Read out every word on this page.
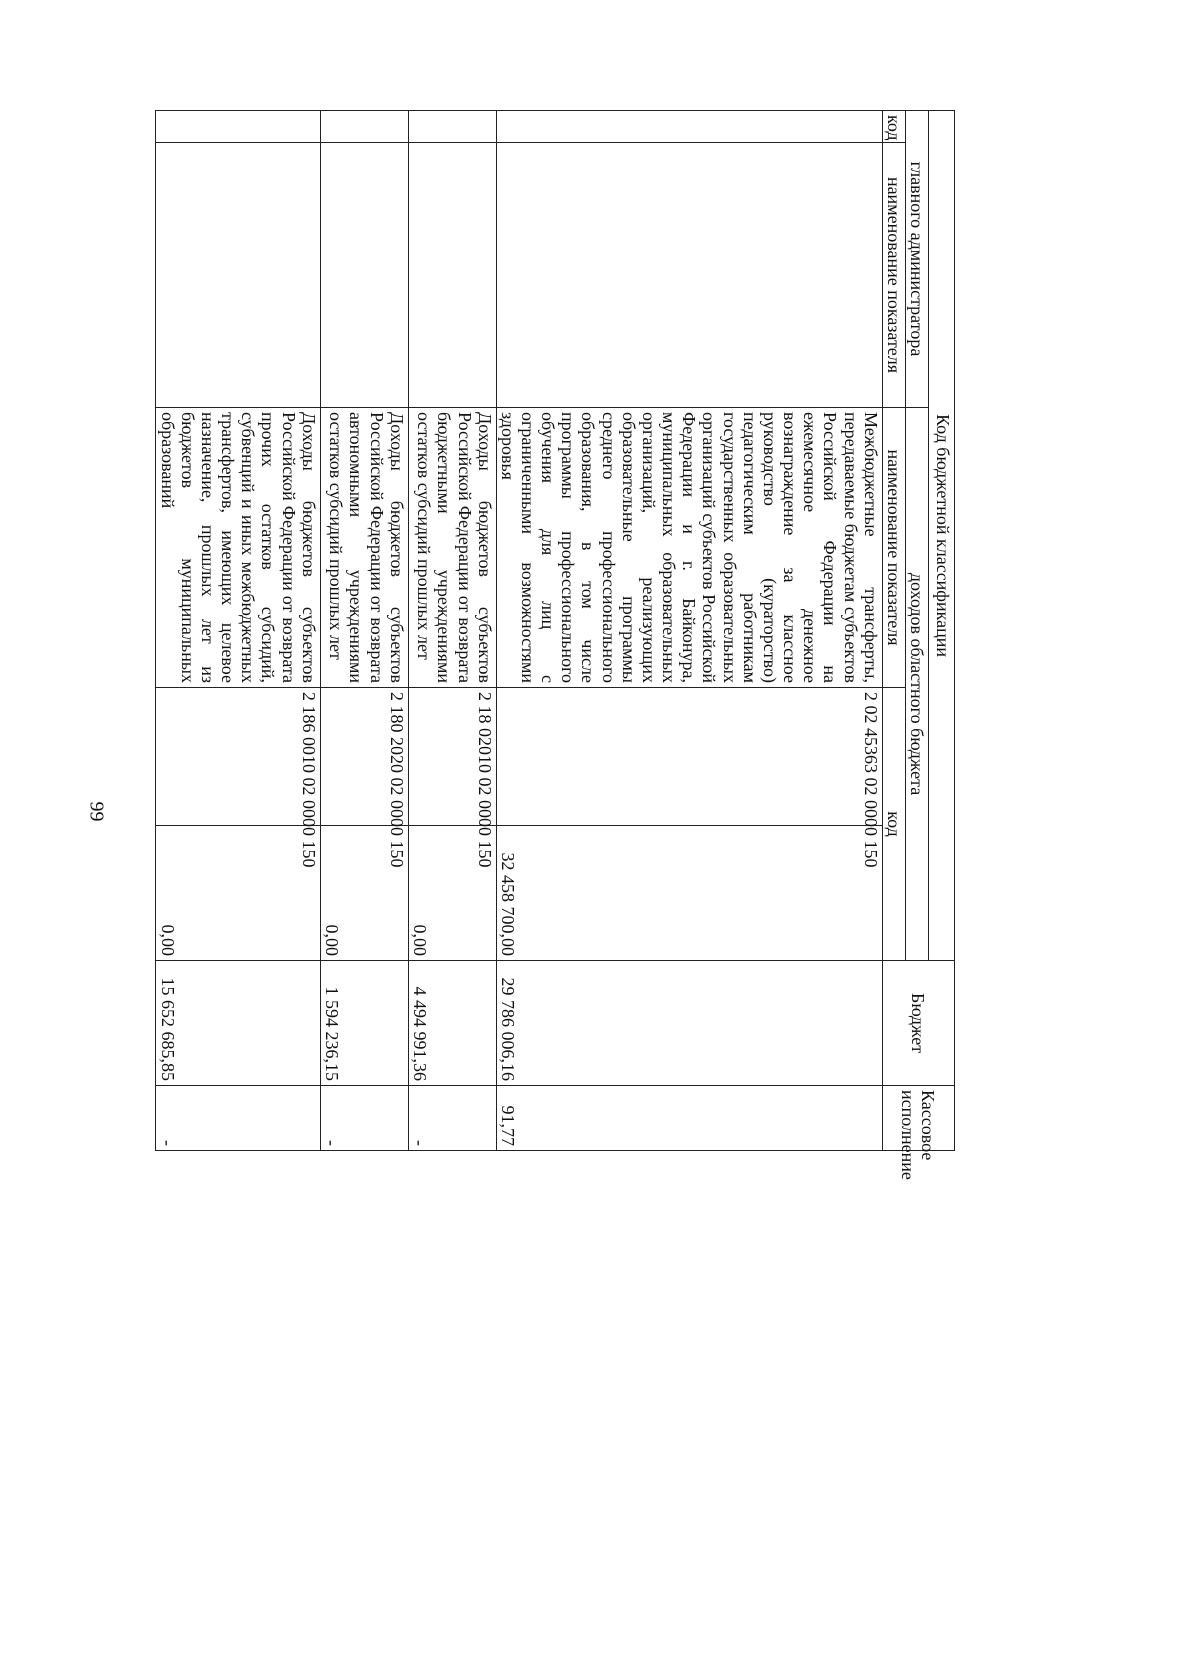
99
Код бюджетной классификации					Бюджет	Кассовое исполнение
главного администратора		доходов областного бюджета				
код	наименование показателя	наименование показателя	код			
		Межбюджетные трансферты, передаваемые бюджетам субъектов Российской Федерации на ежемесячное денежное вознаграждение за классное руководство (кураторство) педагогическим работникам государственных образовательных организаций субъектов Российской Федерации и г. Байконура, муниципальных образовательных организаций, реализующих образовательные программы среднего профессионального образования, в том числе программы профессионального обучения для лиц с ограниченными возможностями здоровья	2 02 45363 02 0000 150	32 458 700,00	29 786 006,16	91,77
		Доходы бюджетов субъектов Российской Федерации от возврата бюджетными учреждениями остатков субсидий прошлых лет	2 18 02010 02 0000 150	0,00	4 494 991,36	-
		Доходы бюджетов субъектов Российской Федерации от возврата автономными учреждениями остатков субсидий прошлых лет	2 180 2020 02 0000 150	0,00	1 594 236,15	-
		Доходы бюджетов субъектов Российской Федерации от возврата прочих остатков субсидий, субвенций и иных межбюджетных трансфертов, имеющих целевое назначение, прошлых лет из бюджетов муниципальных образований	2 186 0010 02 0000 150	0,00	15 652 685,85	-
